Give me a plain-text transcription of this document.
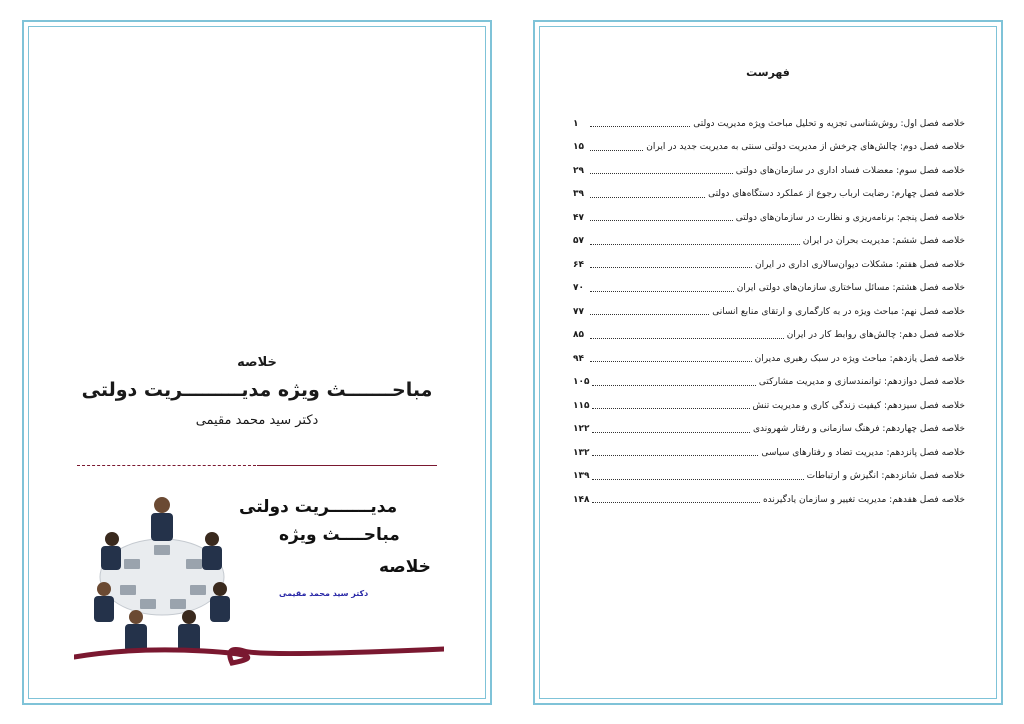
خلاصه
مباحـــــــث ویژه مدیـــــــــریت دولتی
دکتر سید محمد مقیمی
مدیـــــــریت دولتی
مباحــــث ویژه
خلاصه
دکتر سید محمد مقیمی
فهرست
خلاصه فصل اول: روش‌شناسی تجزیه و تحلیل مباحث ویژه مدیریت دولتی
۱
خلاصه فصل دوم: چالش‌های چرخش از مدیریت دولتی سنتی به مدیریت جدید در ایران
۱۵
خلاصه فصل سوم: معضلات فساد اداری در سازمان‌های دولتی
۲۹
خلاصه فصل چهارم: رضایت ارباب رجوع از عملکرد دستگاه‌های دولتی
۳۹
خلاصه فصل پنجم: برنامه‌ریزی و نظارت در سازمان‌های دولتی
۴۷
خلاصه فصل ششم: مدیریت بحران در ایران
۵۷
خلاصه فصل هفتم: مشکلات دیوان‌سالاری اداری در ایران
۶۴
خلاصه فصل هشتم: مسائل ساختاری سازمان‌های دولتی ایران
۷۰
خلاصه فصل نهم: مباحث ویژه در به کارگماری و ارتقای منابع انسانی
۷۷
خلاصه فصل دهم: چالش‌های روابط کار در ایران
۸۵
خلاصه فصل یازدهم: مباحث ویژه در سبک رهبری مدیران
۹۴
خلاصه فصل دوازدهم: توانمندسازی و مدیریت مشارکتی
۱۰۵
خلاصه فصل سیزدهم: کیفیت زندگی کاری و مدیریت تنش
۱۱۵
خلاصه فصل چهاردهم: فرهنگ سازمانی و رفتار شهروندی
۱۲۲
خلاصه فصل پانزدهم: مدیریت تضاد و رفتارهای سیاسی
۱۳۲
خلاصه فصل شانزدهم: انگیزش و ارتباطات
۱۳۹
خلاصه فصل هفدهم: مدیریت تغییر و سازمان یادگیرنده
۱۴۸
